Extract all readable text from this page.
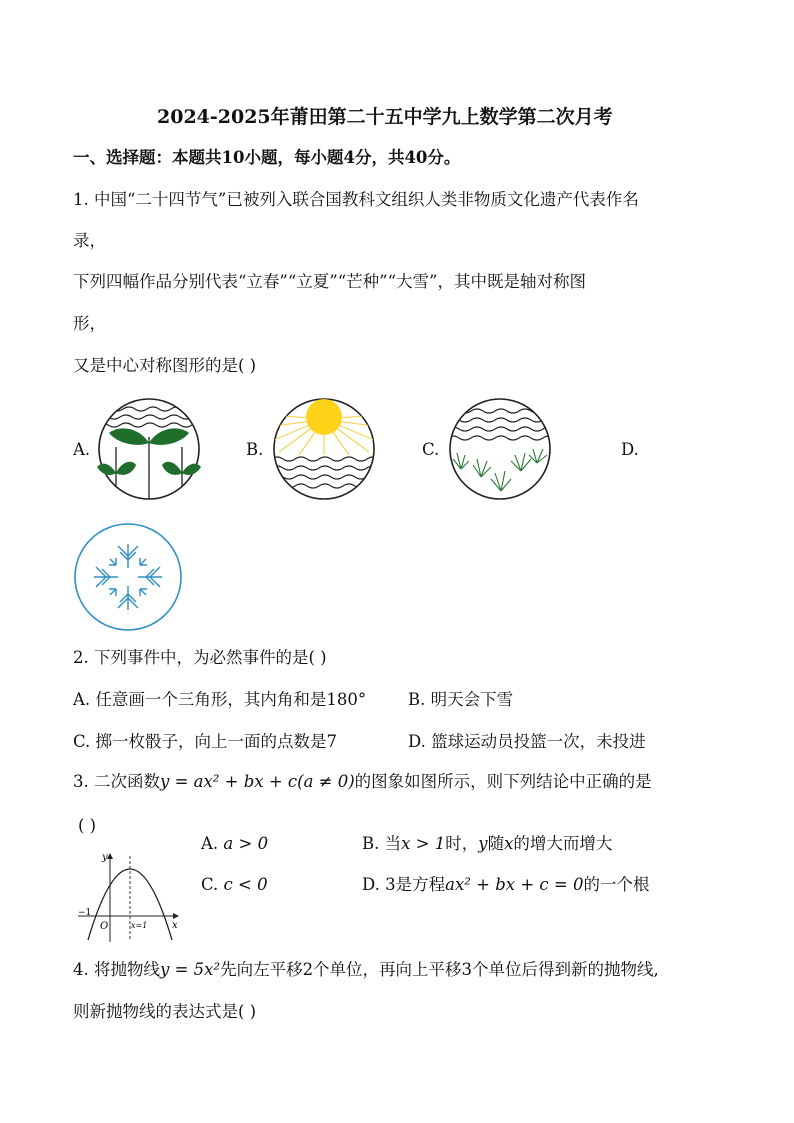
2024-2025年莆田第二十五中学九上数学第二次月考
一、选择题：本题共10小题，每小题4分，共40分。
1. 中国“二十四节气”已被列入联合国教科文组织人类非物质文化遗产代表作名
录，
下列四幅作品分别代表“立春”“立夏”“芒种”“大雪”，其中既是轴对称图
形，
又是中心对称图形的是( )
A.	B.	C.	D.
2. 下列事件中，为必然事件的是( )
A. 任意画一个三角形，其内角和是180°	B. 明天会下雪
C. 掷一枚骰子，向上一面的点数是7	D. 篮球运动员投篮一次，未投进
3. 二次函数y = ax² + bx + c(a ≠ 0)的图象如图所示，则下列结论中正确的是
( )
A. a > 0	B. 当x > 1时，y随x的增大而增大
C. c < 0	D. 3是方程ax² + bx + c = 0的一个根
y
x
O
−1
x=1
4. 将抛物线y = 5x²先向左平移2个单位，再向上平移3个单位后得到新的抛物线,
则新抛物线的表达式是( )
